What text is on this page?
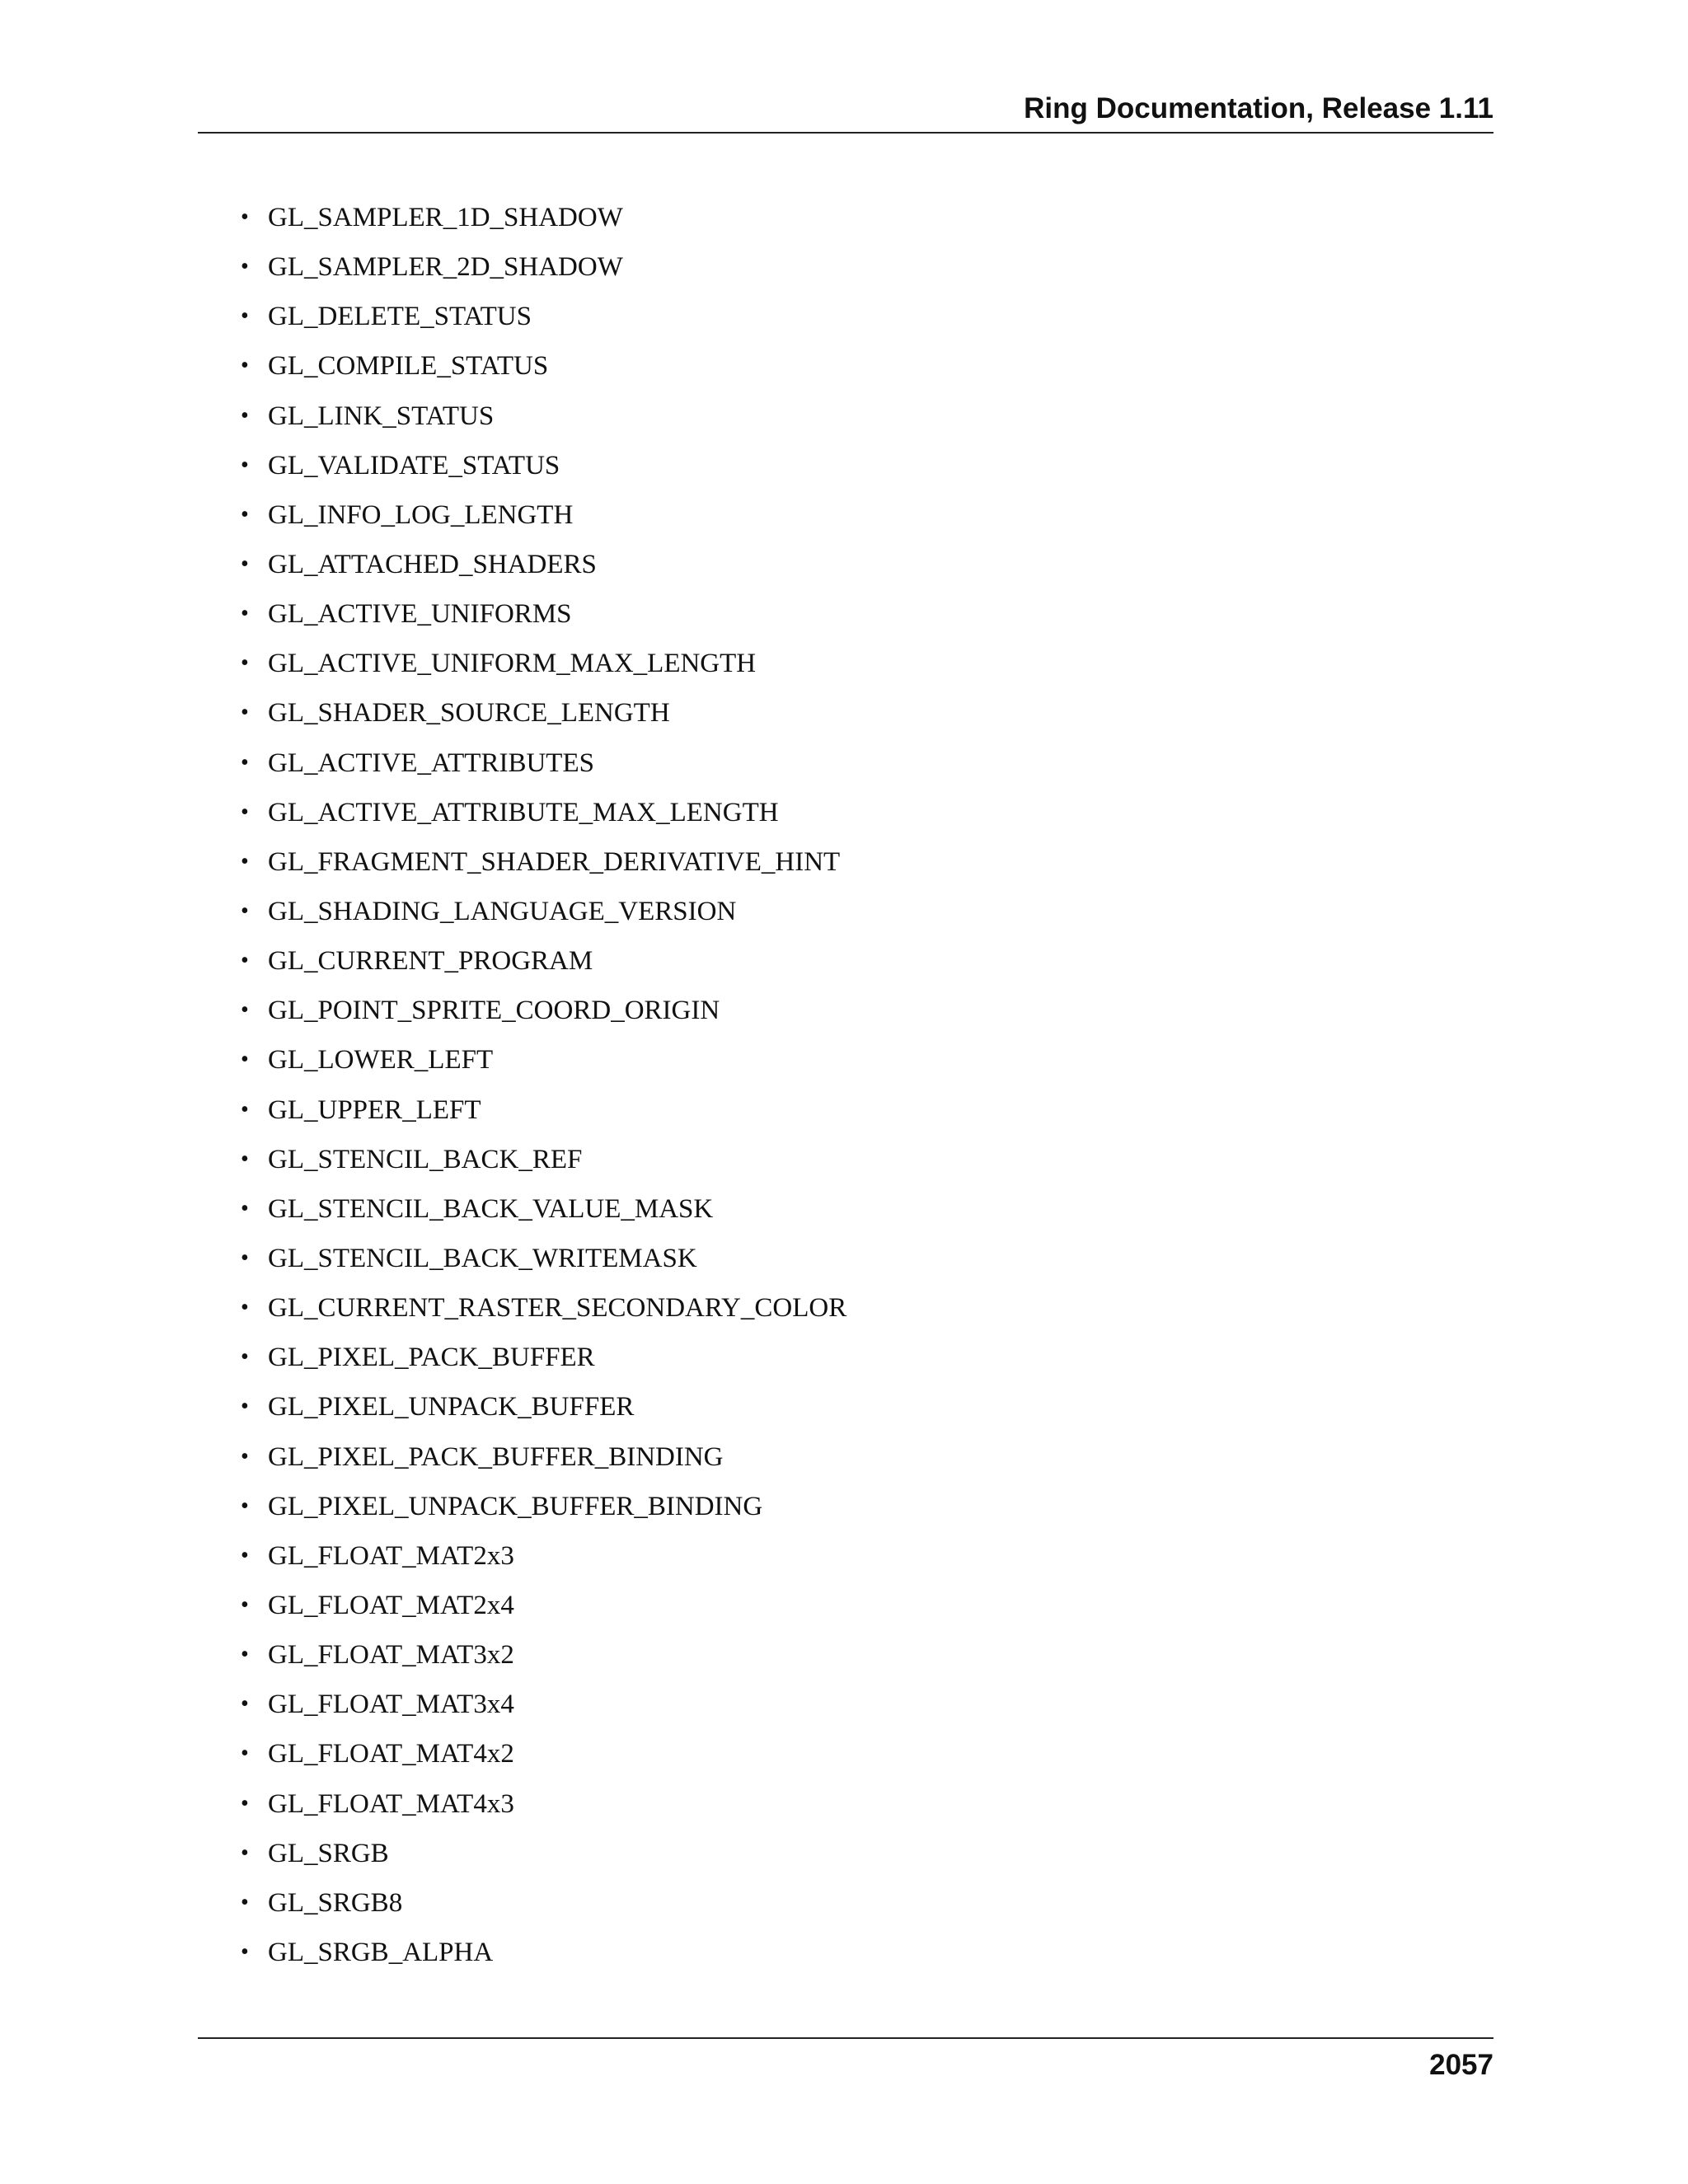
Ring Documentation, Release 1.11
• GL_SAMPLER_1D_SHADOW
• GL_SAMPLER_2D_SHADOW
• GL_DELETE_STATUS
• GL_COMPILE_STATUS
• GL_LINK_STATUS
• GL_VALIDATE_STATUS
• GL_INFO_LOG_LENGTH
• GL_ATTACHED_SHADERS
• GL_ACTIVE_UNIFORMS
• GL_ACTIVE_UNIFORM_MAX_LENGTH
• GL_SHADER_SOURCE_LENGTH
• GL_ACTIVE_ATTRIBUTES
• GL_ACTIVE_ATTRIBUTE_MAX_LENGTH
• GL_FRAGMENT_SHADER_DERIVATIVE_HINT
• GL_SHADING_LANGUAGE_VERSION
• GL_CURRENT_PROGRAM
• GL_POINT_SPRITE_COORD_ORIGIN
• GL_LOWER_LEFT
• GL_UPPER_LEFT
• GL_STENCIL_BACK_REF
• GL_STENCIL_BACK_VALUE_MASK
• GL_STENCIL_BACK_WRITEMASK
• GL_CURRENT_RASTER_SECONDARY_COLOR
• GL_PIXEL_PACK_BUFFER
• GL_PIXEL_UNPACK_BUFFER
• GL_PIXEL_PACK_BUFFER_BINDING
• GL_PIXEL_UNPACK_BUFFER_BINDING
• GL_FLOAT_MAT2x3
• GL_FLOAT_MAT2x4
• GL_FLOAT_MAT3x2
• GL_FLOAT_MAT3x4
• GL_FLOAT_MAT4x2
• GL_FLOAT_MAT4x3
• GL_SRGB
• GL_SRGB8
• GL_SRGB_ALPHA
2057
